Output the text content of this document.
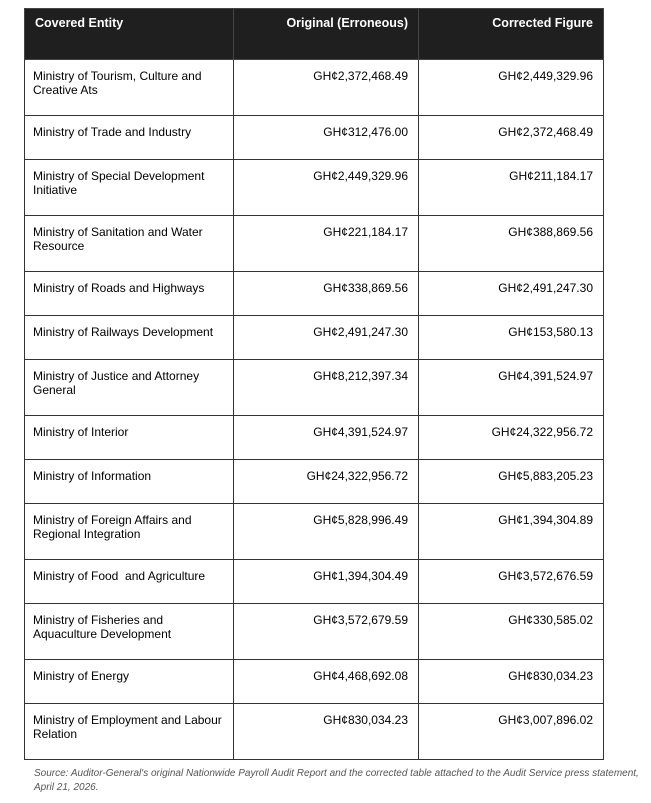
Covered Entity	Original (Erroneous)	Corrected Figure
Ministry of Tourism, Culture and Creative Ats	GH¢2,372,468.49	GH¢2,449,329.96
Ministry of Trade and Industry	GH¢312,476.00	GH¢2,372,468.49
Ministry of Special Development Initiative	GH¢2,449,329.96	GH¢211,184.17
Ministry of Sanitation and Water Resource	GH¢221,184.17	GH¢388,869.56
Ministry of Roads and Highways	GH¢338,869.56	GH¢2,491,247.30
Ministry of Railways Development	GH¢2,491,247.30	GH¢153,580.13
Ministry of Justice and Attorney General	GH¢8,212,397.34	GH¢4,391,524.97
Ministry of Interior	GH¢4,391,524.97	GH¢24,322,956.72
Ministry of Information	GH¢24,322,956.72	GH¢5,883,205.23
Ministry of Foreign Affairs and Regional Integration	GH¢5,828,996.49	GH¢1,394,304.89
Ministry of Food  and Agriculture	GH¢1,394,304.49	GH¢3,572,676.59
Ministry of Fisheries and Aquaculture Development	GH¢3,572,679.59	GH¢330,585.02
Ministry of Energy	GH¢4,468,692.08	GH¢830,034.23
Ministry of Employment and Labour Relation	GH¢830,034.23	GH¢3,007,896.02
Source: Auditor-General's original Nationwide Payroll Audit Report and the corrected table attached to the Audit Service press statement, April 21, 2026.
